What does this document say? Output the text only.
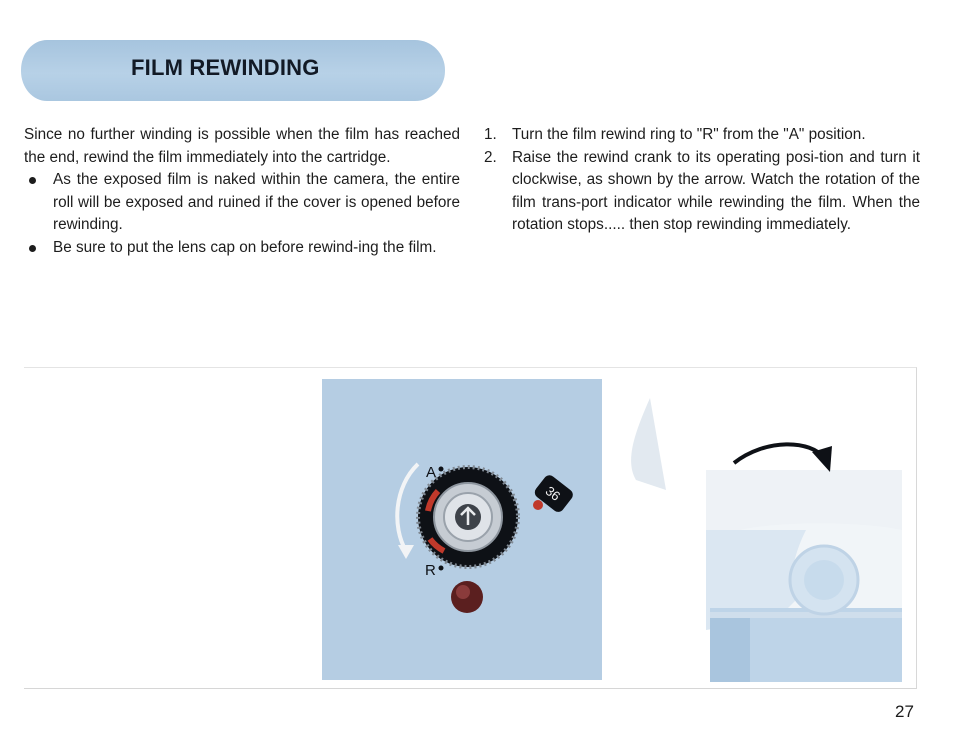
FILM REWINDING

Since no further winding is possible when the film has reached the end, rewind the film immediately into the cartridge.

As the exposed film is naked within the camera, the entire roll will be exposed and ruined if the cover is opened before rewinding.
Be sure to put the lens cap on before rewind-ing the film.
1. Turn the film rewind ring to "R" from the "A" position.
2. Raise the rewind crank to its operating posi-tion and turn it clockwise, as shown by the arrow. Watch the rotation of the film trans-port indicator while rewinding the film. When the rotation stops..... then stop rewinding immediately.
A
R
36
27
